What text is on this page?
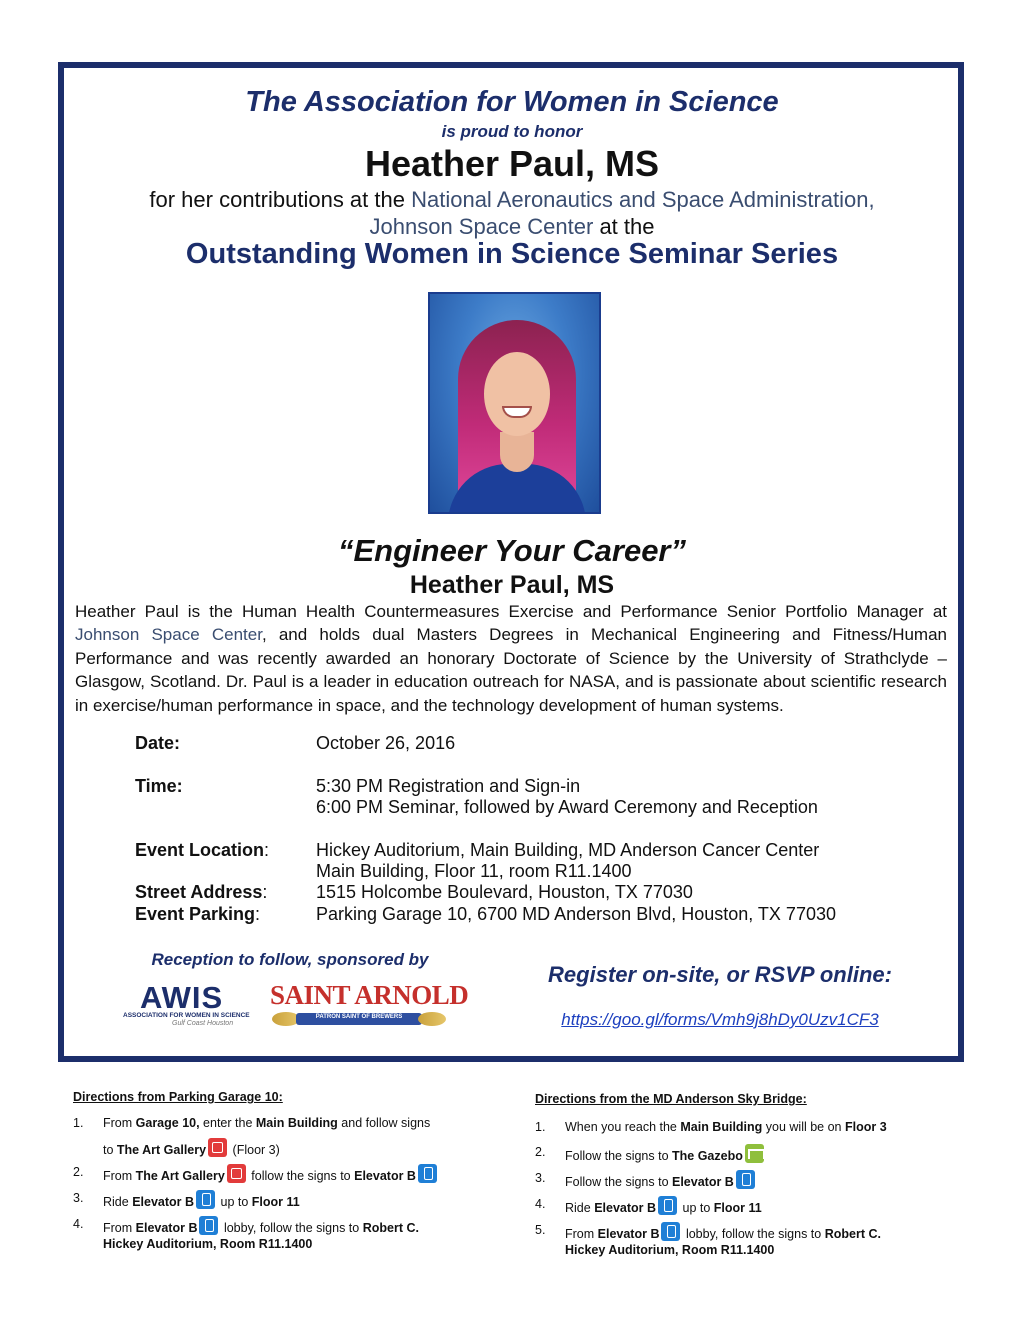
The Association for Women in Science
is proud to honor
Heather Paul, MS
for her contributions at the National Aeronautics and Space Administration,
Johnson Space Center at the
Outstanding Women in Science Seminar Series
“Engineer Your Career”
Heather Paul, MS
Heather Paul is the Human Health Countermeasures Exercise and Performance Senior Portfolio Manager at Johnson Space Center, and holds dual Masters Degrees in Mechanical Engineering and Fitness/Human Performance and was recently awarded an honorary Doctorate of Science by the University of Strathclyde – Glasgow, Scotland. Dr. Paul is a leader in education outreach for NASA, and is passionate about scientific research in exercise/human performance in space, and the technology development of human systems.
Date:	October 26, 2016
Time:	5:30 PM Registration and Sign-in
6:00 PM Seminar, followed by Award Ceremony and Reception
Event Location:	Hickey Auditorium, Main Building, MD Anderson Cancer Center
Main Building, Floor 11, room R11.1400
Street Address:	1515 Holcombe Boulevard, Houston, TX 77030
Event Parking:	Parking Garage 10, 6700 MD Anderson Blvd, Houston, TX 77030
Reception to follow, sponsored by
AWIS
ASSOCIATION FOR WOMEN IN SCIENCE
Gulf Coast Houston
SAINT ARNOLD
PATRON SAINT OF BREWERS
Register on-site, or RSVP online:
https://goo.gl/forms/Vmh9j8hDy0Uzv1CF3
Directions from Parking Garage 10:
1. From Garage 10, enter the Main Building and follow signs
to The Art Gallery (Floor 3)
2. From The Art Gallery follow the signs to Elevator B
3. Ride Elevator B up to Floor 11
4. From Elevator B lobby, follow the signs to Robert C.
Hickey Auditorium, Room R11.1400
Directions from the MD Anderson Sky Bridge:
1. When you reach the Main Building you will be on Floor 3
2. Follow the signs to The Gazebo
3. Follow the signs to Elevator B
4. Ride Elevator B up to Floor 11
5. From Elevator B lobby, follow the signs to Robert C.
Hickey Auditorium, Room R11.1400
